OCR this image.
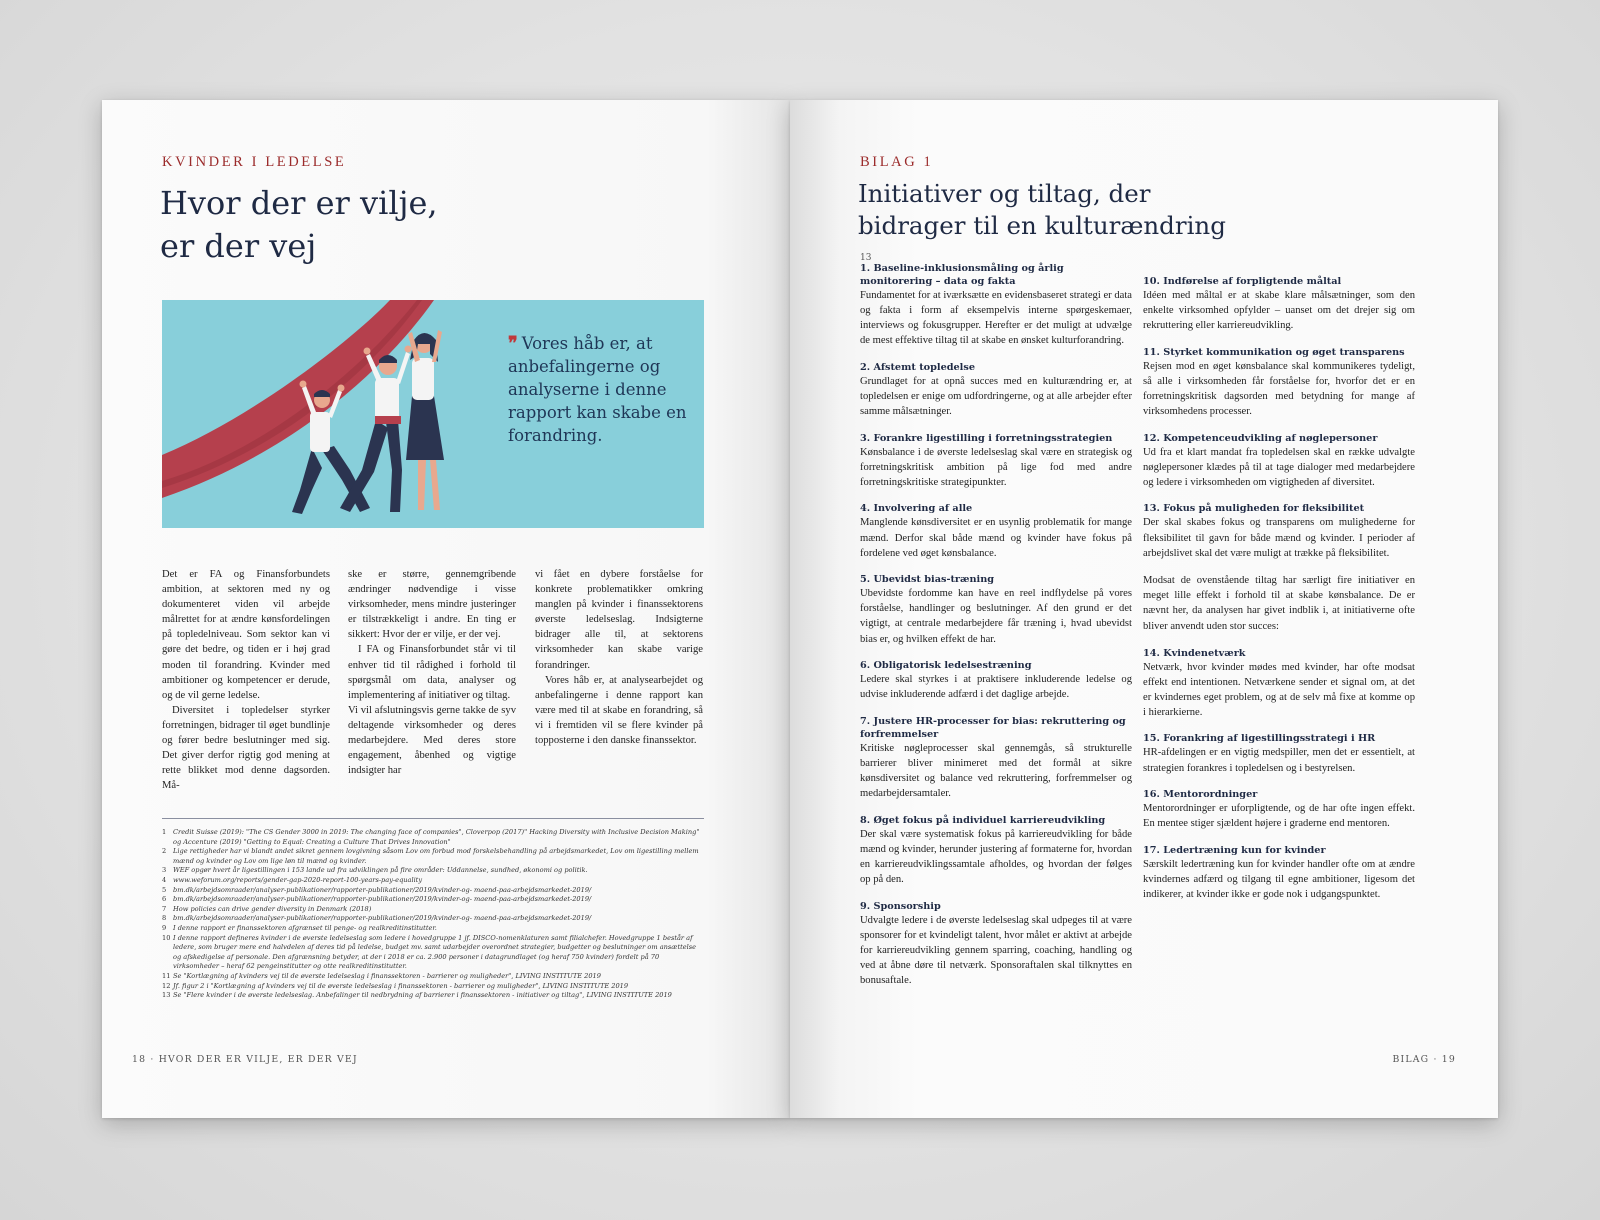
KVINDER I LEDELSE
Hvor der er vilje,
er der vej
❞ Vores håb er, at anbefalingerne og analyserne i denne rapport kan skabe en forandring.

Det er FA og Finansforbundets ambition, at sektoren med ny og dokumenteret viden vil arbejde målrettet for at ændre kønsfordelingen på topledelniveau. Som sektor kan vi gøre det bedre, og tiden er i høj grad moden til forandring. Kvinder med ambitioner og kompetencer er derude, og de vil gerne ledelse.

Diversitet i topledelser styrker forretningen, bidrager til øget bundlinje og fører bedre beslutninger med sig. Det giver derfor rigtig god mening at rette blikket mod denne dagsorden. Må-

ske er større, gennemgribende ændringer nødvendige i visse virksomheder, mens mindre justeringer er tilstrækkeligt i andre. En ting er sikkert: Hvor der er vilje, er der vej.

I FA og Finansforbundet står vi til enhver tid til rådighed i forhold til spørgsmål om data, analyser og implementering af initiativer og tiltag.

Vi vil afslutningsvis gerne takke de syv deltagende virksomheder og deres medarbejdere. Med deres store engagement, åbenhed og vigtige indsigter har

vi fået en dybere forståelse for konkrete problematikker omkring manglen på kvinder i finanssektorens øverste ledelseslag. Indsigterne bidrager alle til, at sektorens virksomheder kan skabe varige forandringer.

Vores håb er, at analysearbejdet og anbefalingerne i denne rapport kan være med til at skabe en forandring, så vi i fremtiden vil se flere kvinder på topposterne i den danske finanssektor.

1 Credit Suisse (2019): "The CS Gender 3000 in 2019: The changing face of companies", Cloverpop (2017)" Hacking Diversity with Inclusive Decision Making" og Accenture (2019) "Getting to Equal: Creating a Culture That Drives Innovation"
2 Lige rettigheder har vi blandt andet sikret gennem lovgivning såsom Lov om forbud mod forskelsbehandling på arbejdsmarkedet, Lov om ligestilling mellem mænd og kvinder og Lov om lige løn til mænd og kvinder.
3 WEF opgør hvert år ligestillingen i 153 lande ud fra udviklingen på fire områder: Uddannelse, sundhed, økonomi og politik.
4 www.weforum.org/reports/gender-gap-2020-report-100-years-pay-equality
5 bm.dk/arbejdsomraader/analyser-publikationer/rapporter-publikationer/2019/kvinder-og- maend-paa-arbejdsmarkedet-2019/
6 bm.dk/arbejdsomraader/analyser-publikationer/rapporter-publikationer/2019/kvinder-og- maend-paa-arbejdsmarkedet-2019/
7 How policies can drive gender diversity in Denmark (2018)
8 bm.dk/arbejdsomraader/analyser-publikationer/rapporter-publikationer/2019/kvinder-og- maend-paa-arbejdsmarkedet-2019/
9 I denne rapport er finanssektoren afgrænset til penge- og realkreditinstitutter.
10 I denne rapport defineres kvinder i de øverste ledelseslag som ledere i hovedgruppe 1 jf. DISCO-nomenklaturen samt filialchefer. Hovedgruppe 1 består af ledere, som bruger mere end halvdelen af deres tid på ledelse, budget mv. samt udarbejder overordnet strategier, budgetter og beslutninger om ansættelse og afskedigelse af personale. Den afgrænsning betyder, at der i 2018 er ca. 2.900 personer i datagrundlaget (og heraf 750 kvinder) fordelt på 70 virksomheder – heraf 62 pengeinstitutter og otte realkreditinstitutter.
11 Se "Kortlægning af kvinders vej til de øverste ledelseslag i finanssektoren - barrierer og muligheder", LIVING INSTITUTE 2019
12 Jf. figur 2 i "Kortlægning af kvinders vej til de øverste ledelseslag i finanssektoren - barrierer og muligheder", LIVING INSTITUTE 2019
13 Se "Flere kvinder i de øverste ledelseslag. Anbefalinger til nedbrydning af barrierer i finanssektoren - initiativer og tiltag", LIVING INSTITUTE 2019
18 · HVOR DER ER VILJE, ER DER VEJ
BILAG 1
Initiativer og tiltag, der
bidrager til en kulturændring
$^{13}$
1. Baseline-inklusionsmåling og årlig monitorering – data og fakta

Fundamentet for at iværksætte en evidensbaseret strategi er data og fakta i form af eksempelvis interne spørgeskemaer, interviews og fokusgrupper. Herefter er det muligt at udvælge de mest effektive tiltag til at skabe en ønsket kulturforandring.

2. Afstemt topledelse

Grundlaget for at opnå succes med en kulturændring er, at topledelsen er enige om udfordringerne, og at alle arbejder efter samme målsætninger.

3. Forankre ligestilling i forretningsstrategien

Kønsbalance i de øverste ledelseslag skal være en strategisk og forretningskritisk ambition på lige fod med andre forretningskritiske strategipunkter.

4. Involvering af alle

Manglende kønsdiversitet er en usynlig problematik for mange mænd. Derfor skal både mænd og kvinder have fokus på fordelene ved øget kønsbalance.

5. Ubevidst bias-træning

Ubevidste fordomme kan have en reel indflydelse på vores forståelse, handlinger og beslutninger. Af den grund er det vigtigt, at centrale medarbejdere får træning i, hvad ubevidst bias er, og hvilken effekt de har.

6. Obligatorisk ledelsestræning

Ledere skal styrkes i at praktisere inkluderende ledelse og udvise inkluderende adfærd i det daglige arbejde.

7. Justere HR-processer for bias: rekruttering og forfremmelser

Kritiske nøgleprocesser skal gennemgås, så strukturelle barrierer bliver minimeret med det formål at sikre kønsdiversitet og balance ved rekruttering, forfremmelser og medarbejdersamtaler.

8. Øget fokus på individuel karriereudvikling

Der skal være systematisk fokus på karriereudvikling for både mænd og kvinder, herunder justering af formaterne for, hvordan en karriereudviklingssamtale afholdes, og hvordan der følges op på den.

9. Sponsorship

Udvalgte ledere i de øverste ledelseslag skal udpeges til at være sponsorer for et kvindeligt talent, hvor målet er aktivt at arbejde for karriereudvikling gennem sparring, coaching, handling og ved at åbne døre til netværk. Sponsoraftalen skal tilknyttes en bonusaftale.

10. Indførelse af forpligtende måltal

Idéen med måltal er at skabe klare målsætninger, som den enkelte virksomhed opfylder – uanset om det drejer sig om rekruttering eller karriereudvikling.

11. Styrket kommunikation og øget transparens

Rejsen mod en øget kønsbalance skal kommunikeres tydeligt, så alle i virksomheden får forståelse for, hvorfor det er en forretningskritisk dagsorden med betydning for mange af virksomhedens processer.

12. Kompetenceudvikling af nøglepersoner

Ud fra et klart mandat fra topledelsen skal en række udvalgte nøglepersoner klædes på til at tage dialoger med medarbejdere og ledere i virksomheden om vigtigheden af diversitet.

13. Fokus på muligheden for fleksibilitet

Der skal skabes fokus og transparens om mulighederne for fleksibilitet til gavn for både mænd og kvinder. I perioder af arbejdslivet skal det være muligt at trække på fleksibilitet.

Modsat de ovenstående tiltag har særligt fire initiativer en meget lille effekt i forhold til at skabe kønsbalance. De er nævnt her, da analysen har givet indblik i, at initiativerne ofte bliver anvendt uden stor succes:

14. Kvindenetværk

Netværk, hvor kvinder mødes med kvinder, har ofte modsat effekt end intentionen. Netværkene sender et signal om, at det er kvindernes eget problem, og at de selv må fixe at komme op i hierarkierne.

15. Forankring af ligestillingsstrategi i HR

HR-afdelingen er en vigtig medspiller, men det er essentielt, at strategien forankres i topledelsen og i bestyrelsen.

16. Mentorordninger

Mentorordninger er uforpligtende, og de har ofte ingen effekt. En mentee stiger sjældent højere i graderne end mentoren.

17. Ledertræning kun for kvinder

Særskilt ledertræning kun for kvinder handler ofte om at ændre kvindernes adfærd og tilgang til egne ambitioner, ligesom det indikerer, at kvinder ikke er gode nok i udgangspunktet.

BILAG · 19
